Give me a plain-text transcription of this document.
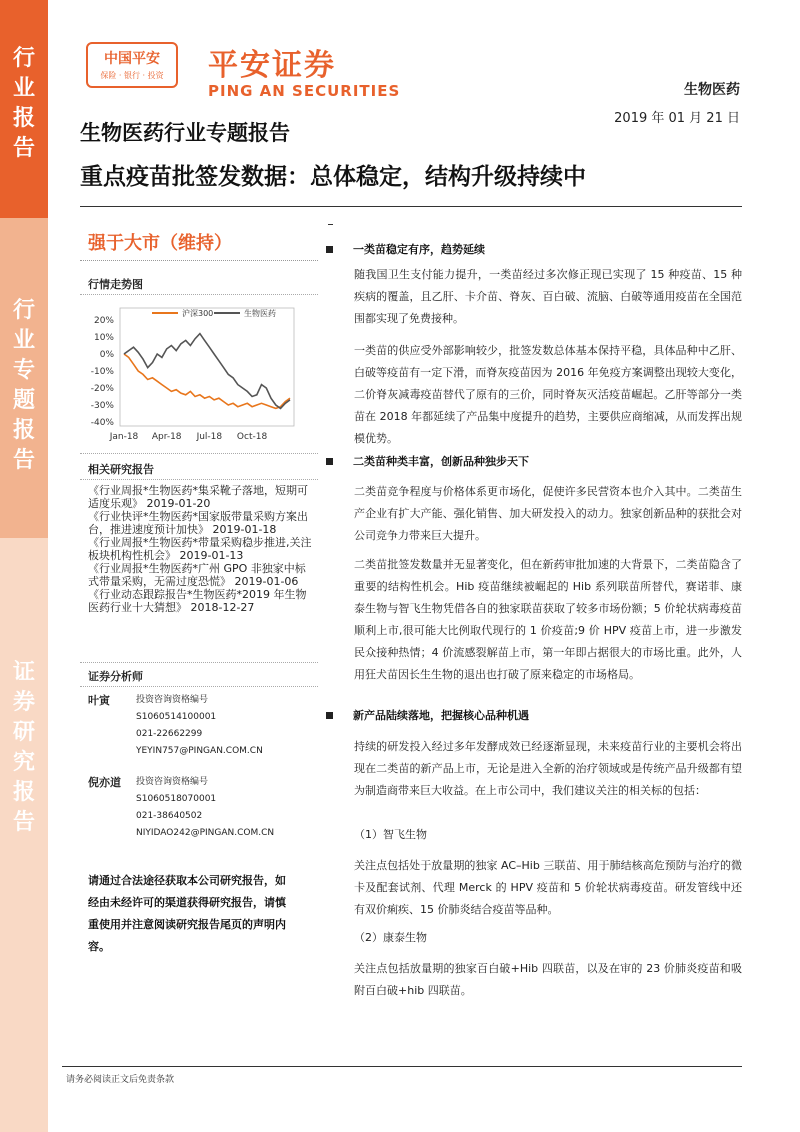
行
业
报
告
行
业
专
题
报
告
证
券
研
究
报
告
中国平安
保险 · 银行 · 投资	平安证券
PING AN SECURITIES	生物医药
2019 年 01 月 21 日
生物医药行业专题报告
重点疫苗批签发数据：总体稳定，结构升级持续中
强于大市（维持）
行情走势图
20%
10%
0%
-10%
-20%
-30%
-40%
Jan-18 Apr-18 Jul-18 Oct-18
沪深300	生物医药
相关研究报告
《行业周报*生物医药*集采靴子落地，短期可适度乐观》 2019-01-20
《行业快评*生物医药*国家版带量采购方案出台，推进速度预计加快》 2019-01-18
《行业周报*生物医药*带量采购稳步推进,关注板块机构性机会》 2019-01-13
《行业周报*生物医药*广州 GPO 非独家中标式带量采购，无需过度恐慌》 2019-01-06
《行业动态跟踪报告*生物医药*2019 年生物医药行业十大猜想》 2018-12-27
证券分析师
叶寅	投资咨询资格编号
S1060514100001
021-22662299
YEYIN757@PINGAN.COM.CN
倪亦道 投资咨询资格编号
S1060518070001
021-38640502
NIYIDAO242@PINGAN.COM.CN
请通过合法途径获取本公司研究报告，如经由未经许可的渠道获得研究报告，请慎重使用并注意阅读研究报告尾页的声明内容。
一类苗稳定有序，趋势延续
随我国卫生支付能力提升，一类苗经过多次修正现已实现了 15 种疫苗、15 种疾病的覆盖，且乙肝、卡介苗、脊灰、百白破、流脑、白破等通用疫苗在全国范围都实现了免费接种。
一类苗的供应受外部影响较少，批签发数总体基本保持平稳，具体品种中乙肝、白破等疫苗有一定下滑，而脊灰疫苗因为 2016 年免疫方案调整出现较大变化，二价脊灰减毒疫苗替代了原有的三价，同时脊灰灭活疫苗崛起。乙肝等部分一类苗在 2018 年都延续了产品集中度提升的趋势，主要供应商缩减，从而发挥出规模优势。
二类苗种类丰富，创新品种独步天下
二类苗竞争程度与价格体系更市场化，促使许多民营资本也介入其中。二类苗生产企业有扩大产能、强化销售、加大研发投入的动力。独家创新品种的获批会对公司竞争力带来巨大提升。
二类苗批签发数量并无显著变化，但在新药审批加速的大背景下，二类苗隐含了重要的结构性机会。Hib 疫苗继续被崛起的 Hib 系列联苗所替代，赛诺菲、康泰生物与智飞生物凭借各自的独家联苗获取了较多市场份额；5 价轮状病毒疫苗顺利上市,很可能大比例取代现行的 1 价疫苗;9 价 HPV 疫苗上市，进一步激发民众接种热情；4 价流感裂解苗上市，第一年即占据很大的市场比重。此外，人用狂犬苗因长生生物的退出也打破了原来稳定的市场格局。
新产品陆续落地，把握核心品种机遇
持续的研发投入经过多年发酵成效已经逐渐显现，未来疫苗行业的主要机会将出现在二类苗的新产品上市，无论是进入全新的治疗领域或是传统产品升级都有望为制造商带来巨大收益。在上市公司中，我们建议关注的相关标的包括：
（1）智飞生物
关注点包括处于放量期的独家 AC–Hib 三联苗、用于肺结核高危预防与治疗的微卡及配套试剂、代理 Merck 的 HPV 疫苗和 5 价轮状病毒疫苗。研发管线中还有双价痢疾、15 价肺炎结合疫苗等品种。
（2）康泰生物
关注点包括放量期的独家百白破+Hib 四联苗，以及在审的 23 价肺炎疫苗和吸附百白破+hib 四联苗。
请务必阅读正文后免责条款
